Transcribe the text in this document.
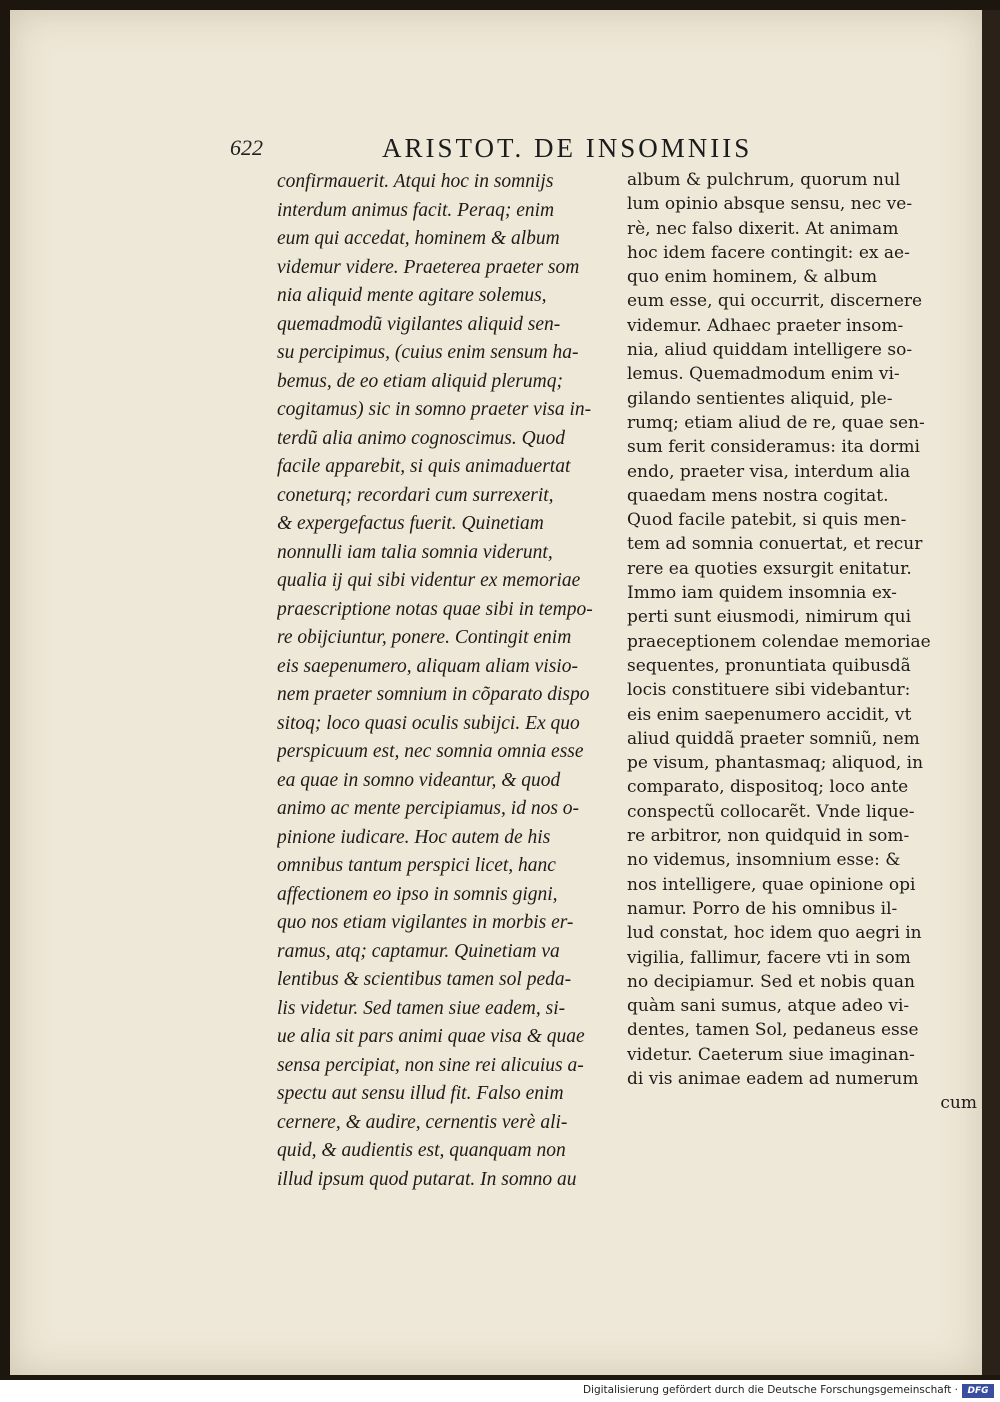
622	ARISTOT. DE INSOMNIIS
confirmauerit. Atqui hoc in somnijs
interdum animus facit. Peraq; enim
eum qui accedat, hominem & album
videmur videre. Praeterea praeter som
nia aliquid mente agitare solemus,
quemadmodũ vigilantes aliquid sen-
su percipimus, (cuius enim sensum ha-
bemus, de eo etiam aliquid plerumq;
cogitamus) sic in somno praeter visa in-
terdũ alia animo cognoscimus. Quod
facile apparebit, si quis animaduertat
coneturq; recordari cum surrexerit,
& expergefactus fuerit. Quinetiam
nonnulli iam talia somnia viderunt,
qualia ij qui sibi videntur ex memoriae
praescriptione notas quae sibi in tempo-
re obijciuntur, ponere. Contingit enim
eis saepenumero, aliquam aliam visio-
nem praeter somnium in cõparato dispo
sitoq; loco quasi oculis subijci. Ex quo
perspicuum est, nec somnia omnia esse
ea quae in somno videantur, & quod
animo ac mente percipiamus, id nos o-
pinione iudicare. Hoc autem de his
omnibus tantum perspici licet, hanc
affectionem eo ipso in somnis gigni,
quo nos etiam vigilantes in morbis er-
ramus, atq; captamur. Quinetiam va
lentibus & scientibus tamen sol peda-
lis videtur. Sed tamen siue eadem, si-
ue alia sit pars animi quae visa & quae
sensa percipiat, non sine rei alicuius a-
spectu aut sensu illud fit. Falso enim
cernere, & audire, cernentis verè ali-
quid, & audientis est, quanquam non
illud ipsum quod putarat. In somno au
album & pulchrum, quorum nul
lum opinio absque sensu, nec ve-
rè, nec falso dixerit. At animam
hoc idem facere contingit: ex ae-
quo enim hominem, & album
eum esse, qui occurrit, discernere
videmur. Adhaec praeter insom-
nia, aliud quiddam intelligere so-
lemus. Quemadmodum enim vi-
gilando sentientes aliquid, ple-
rumq; etiam aliud de re, quae sen-
sum ferit consideramus: ita dormi
endo, praeter visa, interdum alia
quaedam mens nostra cogitat.
Quod facile patebit, si quis men-
tem ad somnia conuertat, et recur
rere ea quoties exsurgit enitatur.
Immo iam quidem insomnia ex-
perti sunt eiusmodi, nimirum qui
praeceptionem colendae memoriae
sequentes, pronuntiata quibusdã
locis constituere sibi videbantur:
eis enim saepenumero accidit, vt
aliud quiddã praeter somniũ, nem
pe visum, phantasmaq; aliquod, in
comparato, dispositoq; loco ante
conspectũ collocarẽt. Vnde lique-
re arbitror, non quidquid in som-
no videmus, insomnium esse: &
nos intelligere, quae opinione opi
namur. Porro de his omnibus il-
lud constat, hoc idem quo aegri in
vigilia, fallimur, facere vti in som
no decipiamur. Sed et nobis quan
quàm sani sumus, atque adeo vi-
dentes, tamen Sol, pedaneus esse
videtur. Caeterum siue imaginan-
di vis animae eadem ad numerum
cum
Digitalisierung gefördert durch die Deutsche Forschungsgemeinschaft ·	DFG
